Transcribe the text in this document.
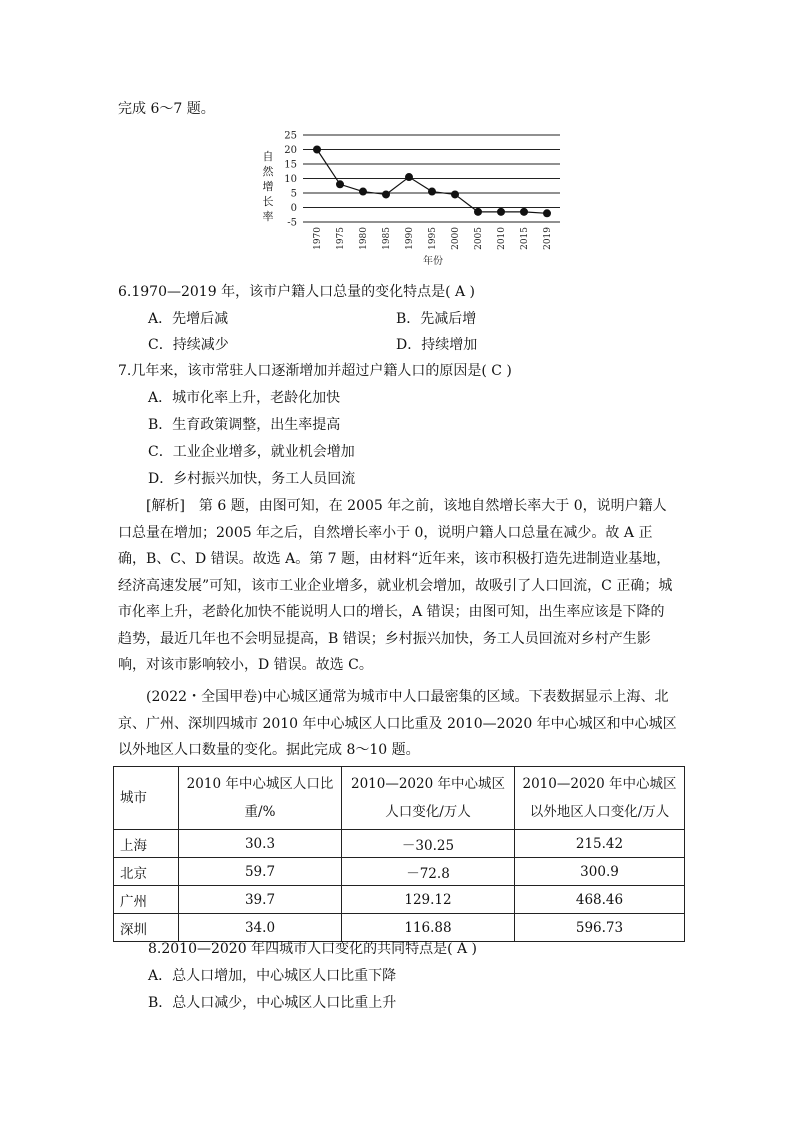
完成 6～7 题。
自
然
增
长
率
25
20
15
10
5
0
-5
1970 1975 1980 1985 1990 1995 2000 2005 2010 2015 2019
年份
6.1970—2019 年，该市户籍人口总量的变化特点是( A )
A．先增后减	B．先减后增
C．持续减少	D．持续增加
7.几年来，该市常驻人口逐渐增加并超过户籍人口的原因是( C )
A．城市化率上升，老龄化加快
B．生育政策调整，出生率提高
C．工业企业增多，就业机会增加
D．乡村振兴加快，务工人员回流
[解析]　第 6 题，由图可知，在 2005 年之前，该地自然增长率大于 0，说明户籍人口总量在增加；2005 年之后，自然增长率小于 0，说明户籍人口总量在减少。故 A 正确，B、C、D 错误。故选 A。第 7 题，由材料“近年来，该市积极打造先进制造业基地，经济高速发展”可知，该市工业企业增多，就业机会增加，故吸引了人口回流，C 正确；城市化率上升，老龄化加快不能说明人口的增长，A 错误；由图可知，出生率应该是下降的趋势，最近几年也不会明显提高，B 错误；乡村振兴加快，务工人员回流对乡村产生影响，对该市影响较小，D 错误。故选 C。
(2022・全国甲卷)中心城区通常为城市中人口最密集的区域。下表数据显示上海、北京、广州、深圳四城市 2010 年中心城区人口比重及 2010—2020 年中心城区和中心城区以外地区人口数量的变化。据此完成 8～10 题。
城市	2010 年中心城区人口比重/%	2010—2020 年中心城区人口变化/万人	2010—2020 年中心城区以外地区人口变化/万人
上海	30.3	－30.25	215.42
北京	59.7	－72.8	300.9
广州	39.7	129.12	468.46
深圳	34.0	116.88	596.73
8.2010—2020 年四城市人口变化的共同特点是( A )
A．总人口增加，中心城区人口比重下降
B．总人口减少，中心城区人口比重上升
